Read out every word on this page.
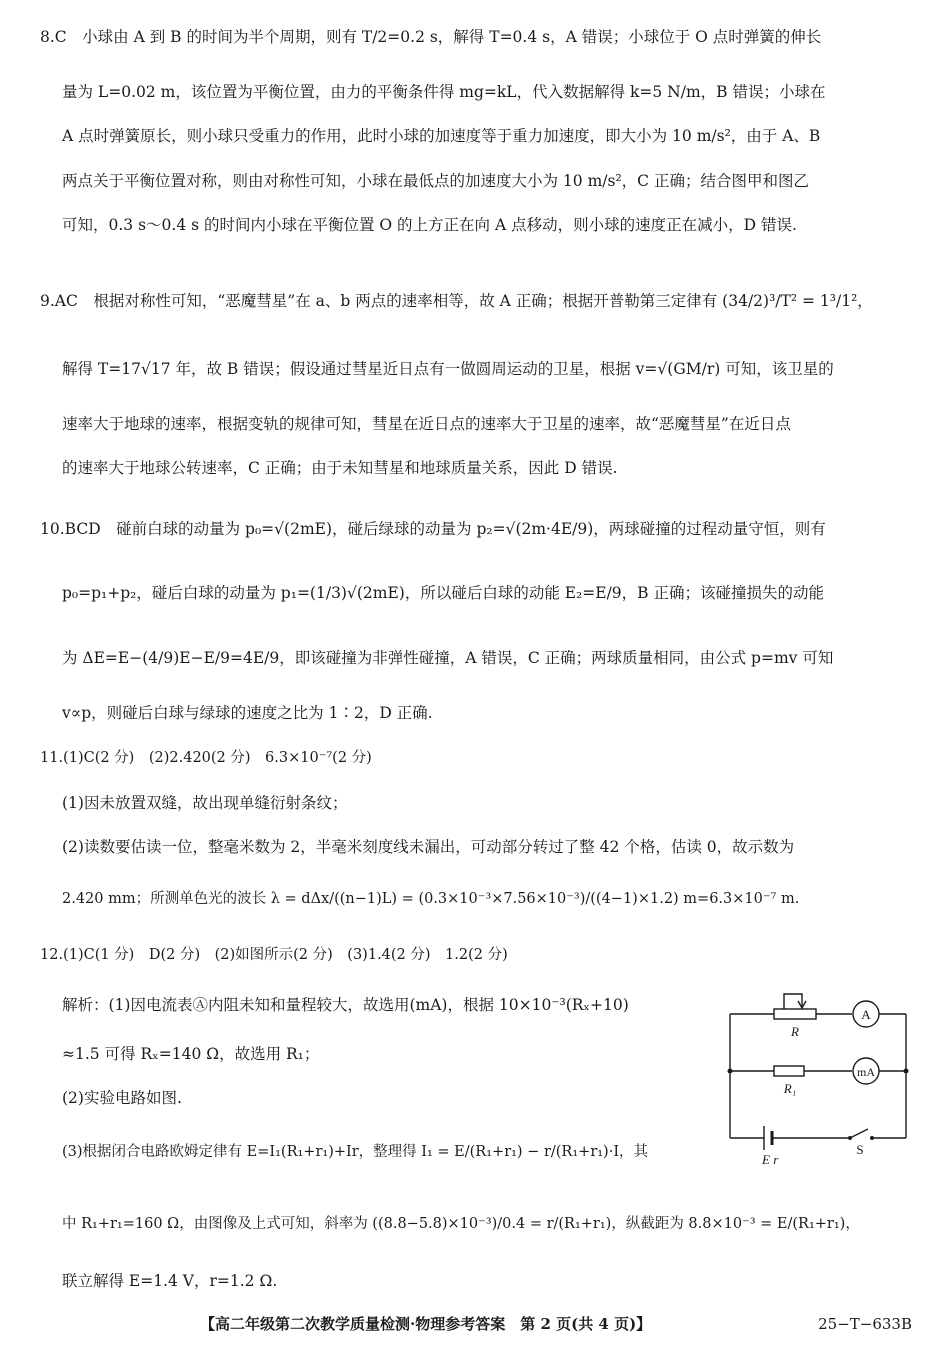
8.C　小球由 A 到 B 的时间为半个周期，则有 T/2=0.2 s，解得 T=0.4 s，A 错误；小球位于 O 点时弹簧的伸长
量为 L=0.02 m，该位置为平衡位置，由力的平衡条件得 mg=kL，代入数据解得 k=5 N/m，B 错误；小球在
A 点时弹簧原长，则小球只受重力的作用，此时小球的加速度等于重力加速度，即大小为 10 m/s²，由于 A、B
两点关于平衡位置对称，则由对称性可知，小球在最低点的加速度大小为 10 m/s²，C 正确；结合图甲和图乙
可知，0.3 s～0.4 s 的时间内小球在平衡位置 O 的上方正在向 A 点移动，则小球的速度正在减小，D 错误.
9.AC　根据对称性可知，“恶魔彗星”在 a、b 两点的速率相等，故 A 正确；根据开普勒第三定律有 (34/2)³/T² = 1³/1²，
解得 T=17√17 年，故 B 错误；假设通过彗星近日点有一做圆周运动的卫星，根据 v=√(GM/r) 可知，该卫星的
速率大于地球的速率，根据变轨的规律可知，彗星在近日点的速率大于卫星的速率，故“恶魔彗星”在近日点
的速率大于地球公转速率，C 正确；由于未知彗星和地球质量关系，因此 D 错误.
10.BCD　碰前白球的动量为 p₀=√(2mE)，碰后绿球的动量为 p₂=√(2m·4E/9)，两球碰撞的过程动量守恒，则有
p₀=p₁+p₂，碰后白球的动量为 p₁=(1/3)√(2mE)，所以碰后白球的动能 E₂=E/9，B 正确；该碰撞损失的动能
为 ΔE=E−(4/9)E−E/9=4E/9，即该碰撞为非弹性碰撞，A 错误，C 正确；两球质量相同，由公式 p=mv 可知
v∝p，则碰后白球与绿球的速度之比为 1∶2，D 正确.
11.(1)C(2 分)　(2)2.420(2 分)　6.3×10⁻⁷(2 分)
(1)因未放置双缝，故出现单缝衍射条纹；
(2)读数要估读一位，整毫米数为 2，半毫米刻度线未漏出，可动部分转过了整 42 个格，估读 0，故示数为
2.420 mm；所测单色光的波长 λ = dΔx/((n−1)L) = (0.3×10⁻³×7.56×10⁻³)/((4−1)×1.2) m=6.3×10⁻⁷ m.
12.(1)C(1 分)　D(2 分)　(2)如图所示(2 分)　(3)1.4(2 分)　1.2(2 分)
解析：(1)因电流表Ⓐ内阻未知和量程较大，故选用(mA)，根据 10×10⁻³(Rₓ+10)
≈1.5 可得 Rₓ=140 Ω，故选用 R₁；
(2)实验电路如图.
(3)根据闭合电路欧姆定律有 E=I₁(R₁+r₁)+Ir，整理得 I₁ = E/(R₁+r₁) − r/(R₁+r₁)·I，其
中 R₁+r₁=160 Ω，由图像及上式可知，斜率为 ((8.8−5.8)×10⁻³)/0.4 = r/(R₁+r₁)，纵截距为 8.8×10⁻³ = E/(R₁+r₁)，
联立解得 E=1.4 V，r=1.2 Ω.
R
A
mA
R₁
E r
S
【高二年级第二次教学质量检测·物理参考答案　第 2 页(共 4 页)】	25−T−633B
